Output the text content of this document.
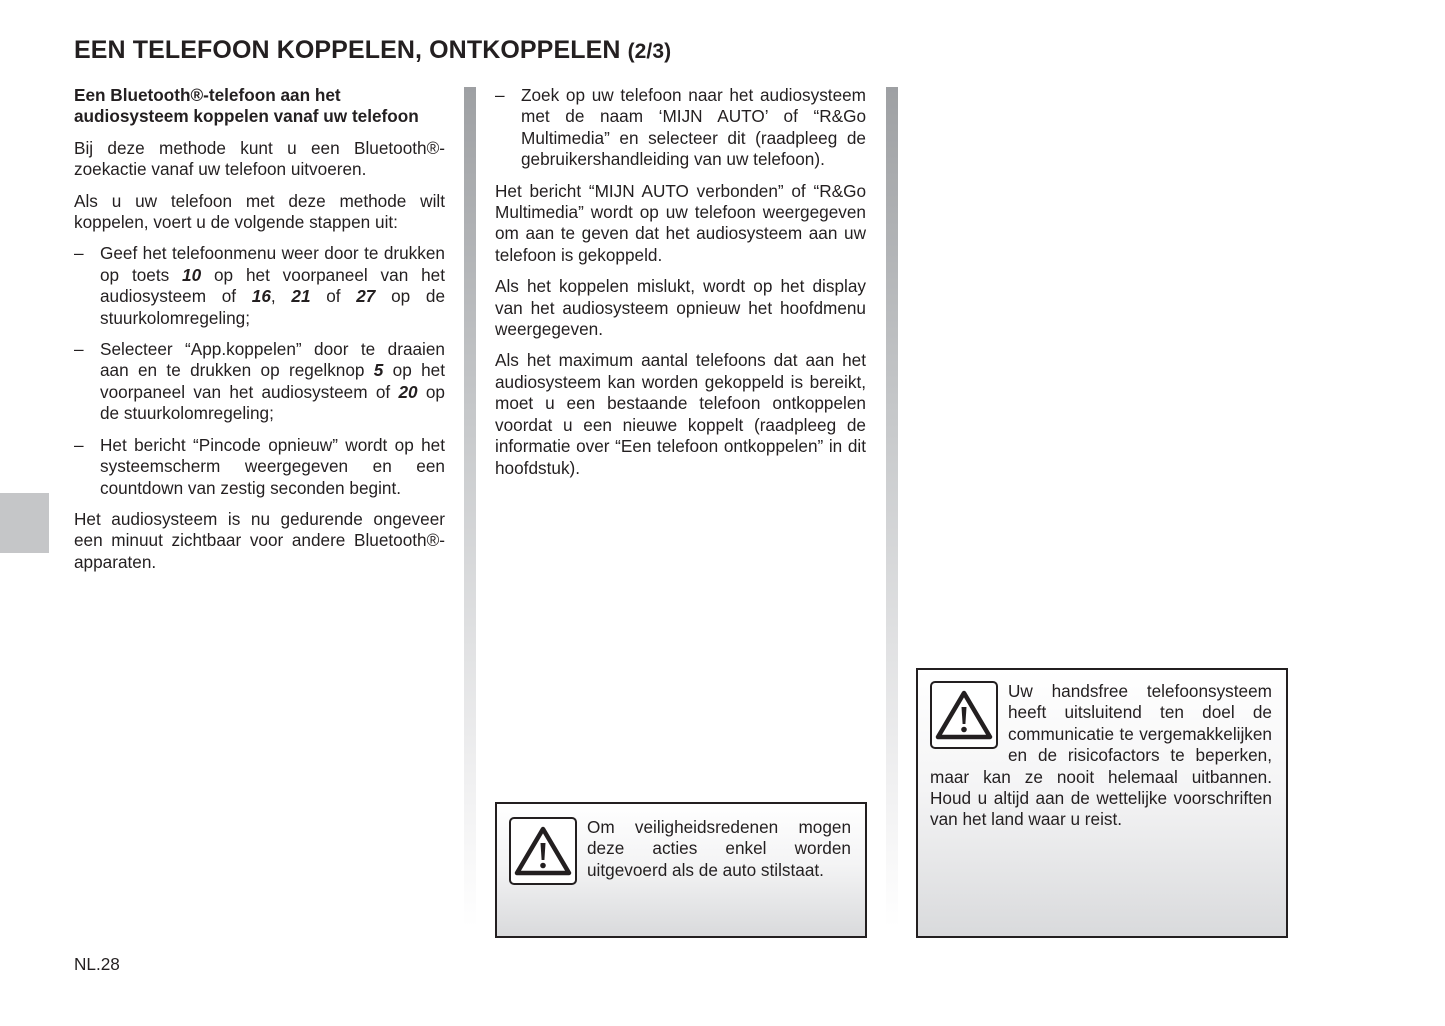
EEN TELEFOON KOPPELEN, ONTKOPPELEN (2/3)

Een Bluetooth®-telefoon aan het audiosysteem koppelen vanaf uw telefoon

Bij deze methode kunt u een Bluetooth®-zoekactie vanaf uw telefoon uitvoeren.

Als u uw telefoon met deze methode wilt koppelen, voert u de volgende stappen uit:

– Geef het telefoonmenu weer door te drukken op toets 10 op het voorpaneel van het audiosysteem of 16, 21 of 27 op de stuurkolomregeling;
– Selecteer “App.koppelen” door te draaien aan en te drukken op regelknop 5 op het voorpaneel van het audiosysteem of 20 op de stuurkolomregeling;
– Het bericht “Pincode opnieuw” wordt op het systeemscherm weergegeven en een countdown van zestig seconden begint.

Het audiosysteem is nu gedurende ongeveer een minuut zichtbaar voor andere Bluetooth®-apparaten.

– Zoek op uw telefoon naar het audiosysteem met de naam ‘MIJN AUTO’ of “R&Go Multimedia” en selecteer dit (raadpleeg de gebruikershandleiding van uw telefoon).

Het bericht “MIJN AUTO verbonden” of “R&Go Multimedia” wordt op uw telefoon weergegeven om aan te geven dat het audiosysteem aan uw telefoon is gekoppeld.

Als het koppelen mislukt, wordt op het display van het audiosysteem opnieuw het hoofdmenu weergegeven.

Als het maximum aantal telefoons dat aan het audiosysteem kan worden gekoppeld is bereikt, moet u een bestaande telefoon ontkoppelen voordat u een nieuwe koppelt (raadpleeg de informatie over “Een telefoon ontkoppelen” in dit hoofdstuk).

Om veiligheidsredenen mogen deze acties enkel worden uitgevoerd als de auto stilstaat.
Uw handsfree telefoonsysteem heeft uitsluitend ten doel de communicatie te vergemakkelijken en de risicofactors te beperken, maar kan ze nooit helemaal uitbannen. Houd u altijd aan de wettelijke voorschriften van het land waar u reist.
NL.28
